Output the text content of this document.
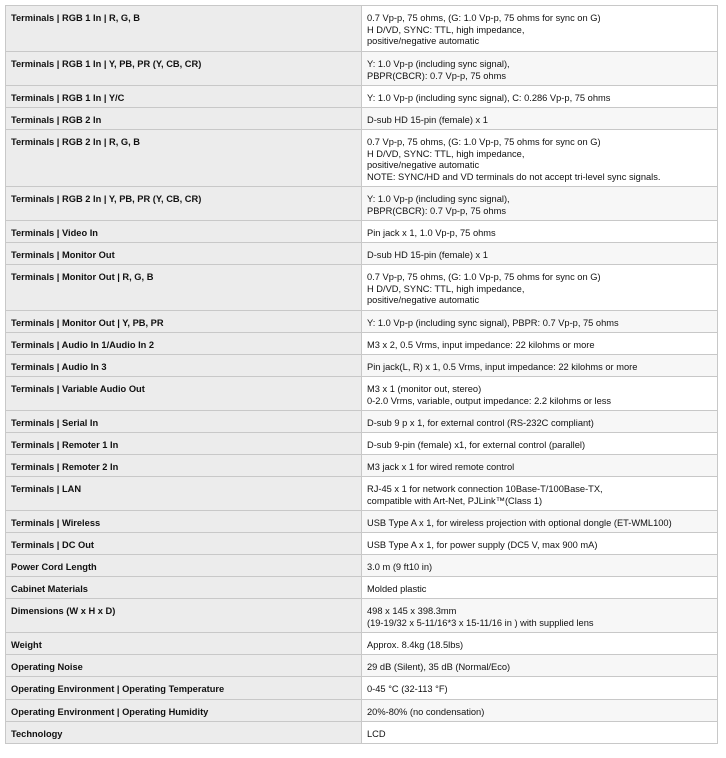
Terminals | RGB 1 In | R, G, B	0.7 Vp-p, 75 ohms, (G: 1.0 Vp-p, 75 ohms for sync on G)
H D/VD, SYNC: TTL, high impedance,
positive/negative automatic

Terminals | RGB 1 In | Y, PB, PR (Y, CB, CR)	Y: 1.0 Vp-p (including sync signal),
PBPR(CBCR): 0.7 Vp-p, 75 ohms

Terminals | RGB 1 In | Y/C	Y: 1.0 Vp-p (including sync signal), C: 0.286 Vp-p, 75 ohms

Terminals | RGB 2 In	D-sub HD 15-pin (female) x 1

Terminals | RGB 2 In | R, G, B	0.7 Vp-p, 75 ohms, (G: 1.0 Vp-p, 75 ohms for sync on G)
H D/VD, SYNC: TTL, high impedance,
positive/negative automatic
NOTE: SYNC/HD and VD terminals do not accept tri-level sync signals.

Terminals | RGB 2 In | Y, PB, PR (Y, CB, CR)	Y: 1.0 Vp-p (including sync signal),
PBPR(CBCR): 0.7 Vp-p, 75 ohms

Terminals | Video In	Pin jack x 1, 1.0 Vp-p, 75 ohms

Terminals | Monitor Out	D-sub HD 15-pin (female) x 1

Terminals | Monitor Out | R, G, B	0.7 Vp-p, 75 ohms, (G: 1.0 Vp-p, 75 ohms for sync on G)
H D/VD, SYNC: TTL, high impedance,
positive/negative automatic

Terminals | Monitor Out | Y, PB, PR	Y: 1.0 Vp-p (including sync signal), PBPR: 0.7 Vp-p, 75 ohms

Terminals | Audio In 1/Audio In 2	M3 x 2, 0.5 Vrms, input impedance: 22 kilohms or more

Terminals | Audio In 3	Pin jack(L, R) x 1, 0.5 Vrms, input impedance: 22 kilohms or more

Terminals | Variable Audio Out	M3 x 1 (monitor out, stereo)
0-2.0 Vrms, variable, output impedance: 2.2 kilohms or less

Terminals | Serial In	D-sub 9 p x 1, for external control (RS-232C compliant)

Terminals | Remoter 1 In	D-sub 9-pin (female) x1, for external control (parallel)

Terminals | Remoter 2 In	M3 jack x 1 for wired remote control

Terminals | LAN	RJ-45 x 1 for network connection 10Base-T/100Base-TX,
compatible with Art-Net, PJLink™(Class 1)

Terminals | Wireless	USB Type A x 1, for wireless projection with optional dongle (ET-WML100)

Terminals | DC Out	USB Type A x 1, for power supply (DC5 V, max 900 mA)

Power Cord Length	3.0 m (9 ft10 in)

Cabinet Materials	Molded plastic

Dimensions (W x H x D)	498 x 145 x 398.3mm
(19-19/32 x 5-11/16*3 x 15-11/16 in ) with supplied lens

Weight	Approx. 8.4kg (18.5lbs)

Operating Noise	29 dB (Silent), 35 dB (Normal/Eco)

Operating Environment | Operating Temperature	0-45 °C (32-113 °F)

Operating Environment | Operating Humidity	20%-80% (no condensation)

Technology	LCD
